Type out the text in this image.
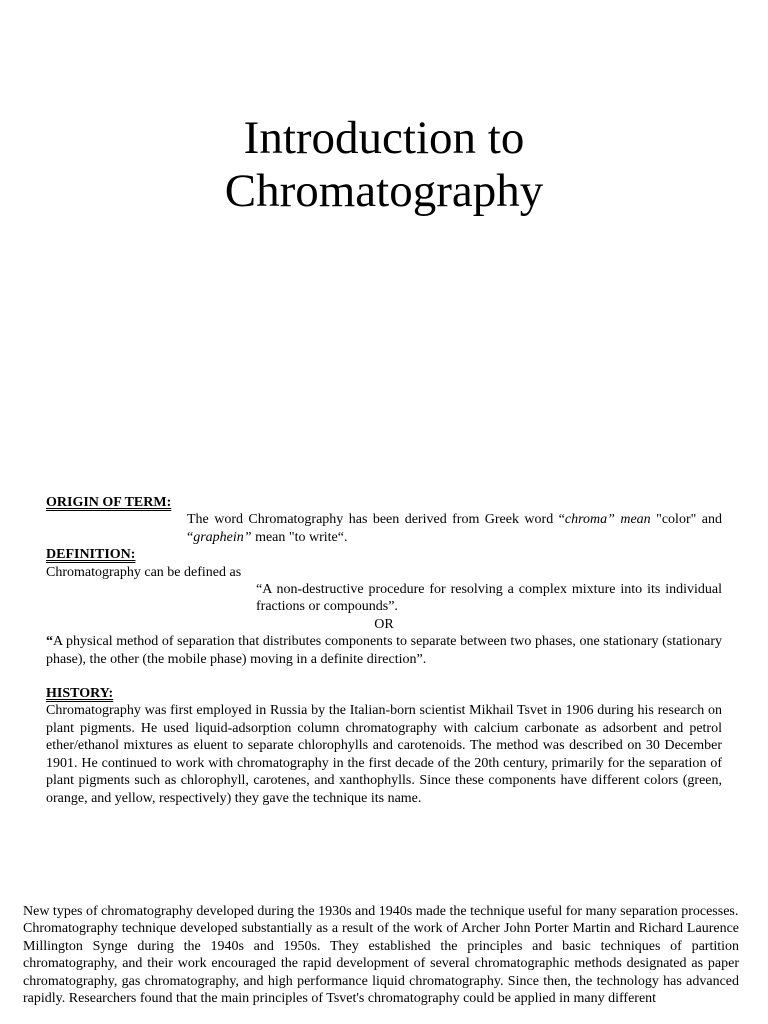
Introduction to
Chromatography
ORIGIN OF TERM:

The word Chromatography has been derived from Greek word “chroma” mean "color" and “graphein” mean "to write“.

DEFINITION:

Chromatography can be defined as

“A non-destructive procedure for resolving a complex mixture into its individual fractions or compounds”.

OR

“A physical method of separation that distributes components to separate between two phases, one stationary (stationary phase), the other (the mobile phase) moving in a definite direction”.

HISTORY:

Chromatography was first employed in Russia by the Italian-born scientist Mikhail Tsvet in 1906 during his research on plant pigments. He used liquid-adsorption column chromatography with calcium carbonate as adsorbent and petrol ether/ethanol mixtures as eluent to separate chlorophylls and carotenoids. The method was described on 30 December 1901. He continued to work with chromatography in the first decade of the 20th century, primarily for the separation of plant pigments such as chlorophyll, carotenes, and xanthophylls. Since these components have different colors (green, orange, and yellow, respectively) they gave the technique its name.

New types of chromatography developed during the 1930s and 1940s made the technique useful for many separation processes.

Chromatography technique developed substantially as a result of the work of Archer John Porter Martin and Richard Laurence Millington Synge during the 1940s and 1950s. They established the principles and basic techniques of partition chromatography, and their work encouraged the rapid development of several chromatographic methods designated as paper chromatography, gas chromatography, and high performance liquid chromatography. Since then, the technology has advanced rapidly. Researchers found that the main principles of Tsvet's chromatography could be applied in many different
